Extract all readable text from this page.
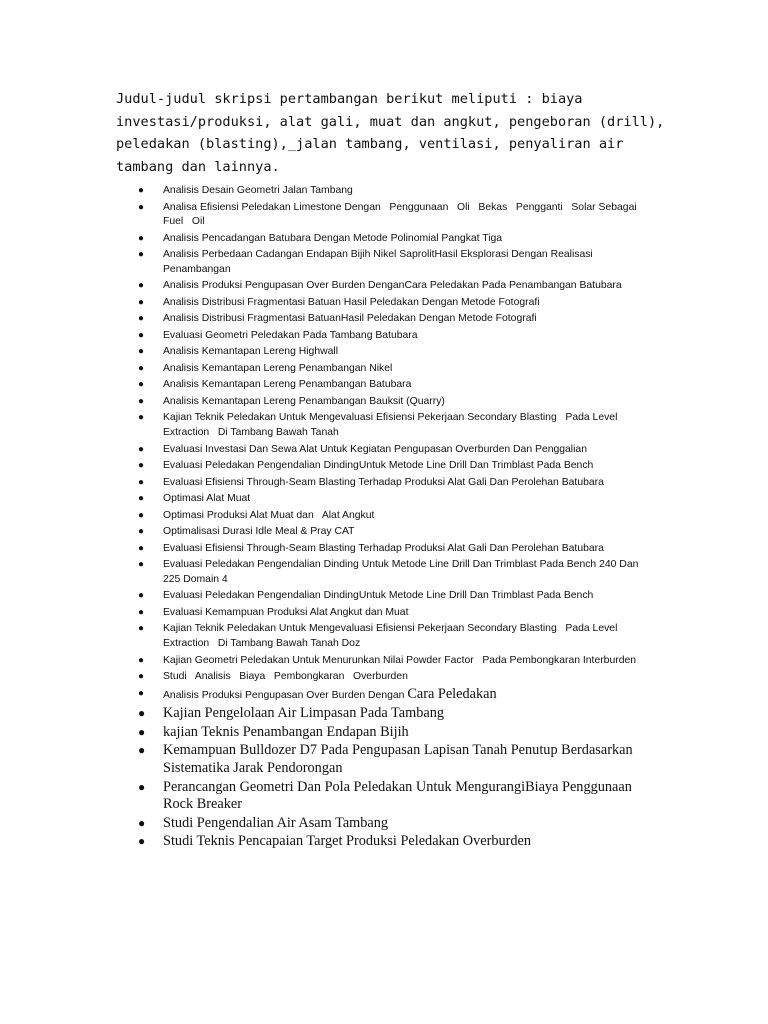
Judul-judul skripsi pertambangan berikut meliputi : biaya investasi/produksi, alat gali, muat dan angkut, pengeboran (drill), peledakan (blasting),_jalan tambang, ventilasi, penyaliran air tambang dan lainnya.

● Analisis Desain Geometri Jalan Tambang
● Analisa Efisiensi Peledakan Limestone Dengan   Penggunaan   Oli   Bekas   Pengganti   Solar Sebagai   Fuel   Oil
● Analisis Pencadangan Batubara Dengan Metode Polinomial Pangkat Tiga
● Analisis Perbedaan Cadangan Endapan Bijih Nikel SaprolitHasil Eksplorasi Dengan Realisasi Penambangan
● Analisis Produksi Pengupasan Over Burden DenganCara Peledakan Pada Penambangan Batubara
● Analisis Distribusi Fragmentasi Batuan Hasil Peledakan Dengan Metode Fotografi
● Analisis Distribusi Fragmentasi BatuanHasil Peledakan Dengan Metode Fotografi
● Evaluasi Geometri Peledakan Pada Tambang Batubara
● Analisis Kemantapan Lereng Highwall
● Analisis Kemantapan Lereng Penambangan Nikel
● Analisis Kemantapan Lereng Penambangan Batubara
● Analisis Kemantapan Lereng Penambangan Bauksit (Quarry)
● Kajian Teknik Peledakan Untuk Mengevaluasi Efisiensi Pekerjaan Secondary Blasting   Pada Level Extraction   Di Tambang Bawah Tanah
● Evaluasi Investasi Dan Sewa Alat Untuk Kegiatan Pengupasan Overburden Dan Penggalian
● Evaluasi Peledakan Pengendalian DindingUntuk Metode Line Drill Dan Trimblast Pada Bench
● Evaluasi Efisiensi Through-Seam Blasting Terhadap Produksi Alat Gali Dan Perolehan Batubara
● Optimasi Alat Muat
● Optimasi Produksi Alat Muat dan   Alat Angkut
● Optimalisasi Durasi Idle Meal & Pray CAT
● Evaluasi Efisiensi Through-Seam Blasting Terhadap Produksi Alat Gali Dan Perolehan Batubara
● Evaluasi Peledakan Pengendalian Dinding Untuk Metode Line Drill Dan Trimblast Pada Bench 240 Dan 225 Domain 4
● Evaluasi Peledakan Pengendalian DindingUntuk Metode Line Drill Dan Trimblast Pada Bench
● Evaluasi Kemampuan Produksi Alat Angkut dan Muat
● Kajian Teknik Peledakan Untuk Mengevaluasi Efisiensi Pekerjaan Secondary Blasting   Pada Level Extraction   Di Tambang Bawah Tanah Doz
● Kajian Geometri Peledakan Untuk Menurunkan Nilai Powder Factor   Pada Pembongkaran Interburden
● Studi   Analisis   Biaya   Pembongkaran   Overburden
● Analisis Produksi Pengupasan Over Burden Dengan Cara Peledakan
● Kajian Pengelolaan Air Limpasan Pada Tambang
● kajian Teknis Penambangan Endapan Bijih
● Kemampuan Bulldozer D7 Pada Pengupasan Lapisan Tanah Penutup Berdasarkan Sistematika Jarak Pendorongan
● Perancangan Geometri Dan Pola Peledakan Untuk MengurangiBiaya Penggunaan Rock Breaker
● Studi Pengendalian Air Asam Tambang
● Studi Teknis Pencapaian Target Produksi Peledakan Overburden
